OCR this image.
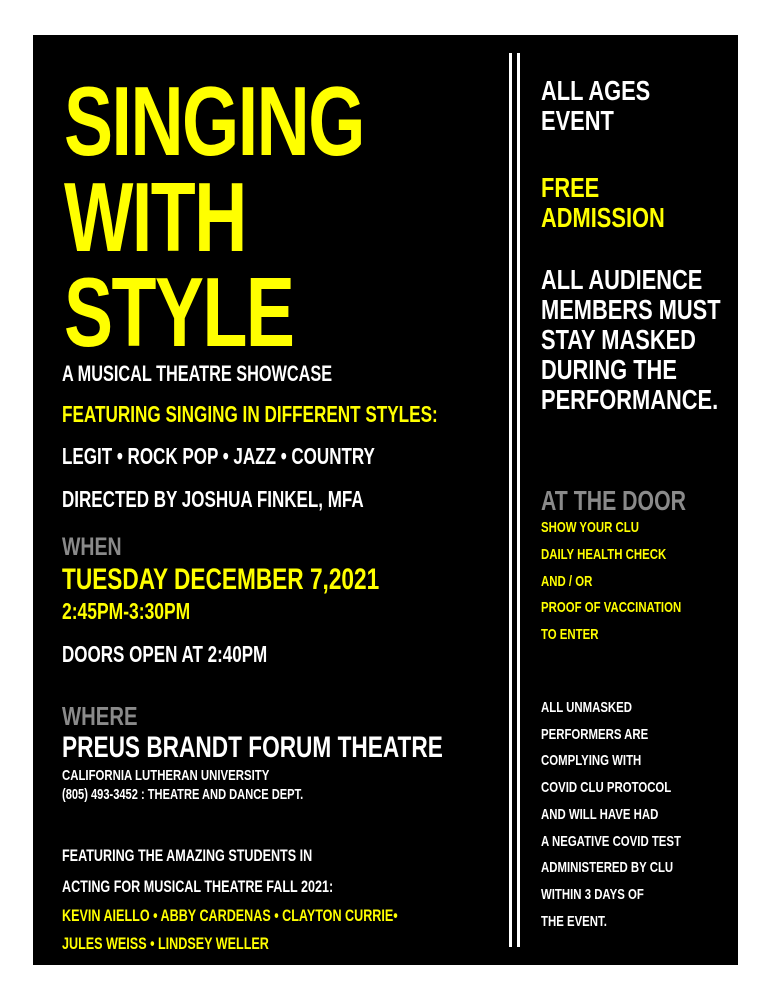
SINGING
WITH
STYLE
A MUSICAL THEATRE SHOWCASE
FEATURING SINGING IN DIFFERENT STYLES:
LEGIT • ROCK POP • JAZZ • COUNTRY
DIRECTED BY JOSHUA FINKEL, MFA
WHEN
TUESDAY DECEMBER 7,2021
2:45PM-3:30PM
DOORS OPEN AT 2:40PM
WHERE
PREUS BRANDT FORUM THEATRE
CALIFORNIA LUTHERAN UNIVERSITY
(805) 493-3452 : THEATRE AND DANCE DEPT.
FEATURING THE AMAZING STUDENTS IN
ACTING FOR MUSICAL THEATRE FALL 2021:
KEVIN AIELLO • ABBY CARDENAS • CLAYTON CURRIE•
JULES WEISS • LINDSEY WELLER
ALL AGES
EVENT
FREE
ADMISSION
ALL AUDIENCE
MEMBERS MUST
STAY MASKED
DURING THE
PERFORMANCE.
AT THE DOOR
SHOW YOUR CLU
DAILY HEALTH CHECK
AND / OR
PROOF OF VACCINATION
TO ENTER
ALL UNMASKED
PERFORMERS ARE
COMPLYING WITH
COVID CLU PROTOCOL
AND WILL HAVE HAD
A NEGATIVE COVID TEST
ADMINISTERED BY CLU
WITHIN 3 DAYS OF
THE EVENT.
